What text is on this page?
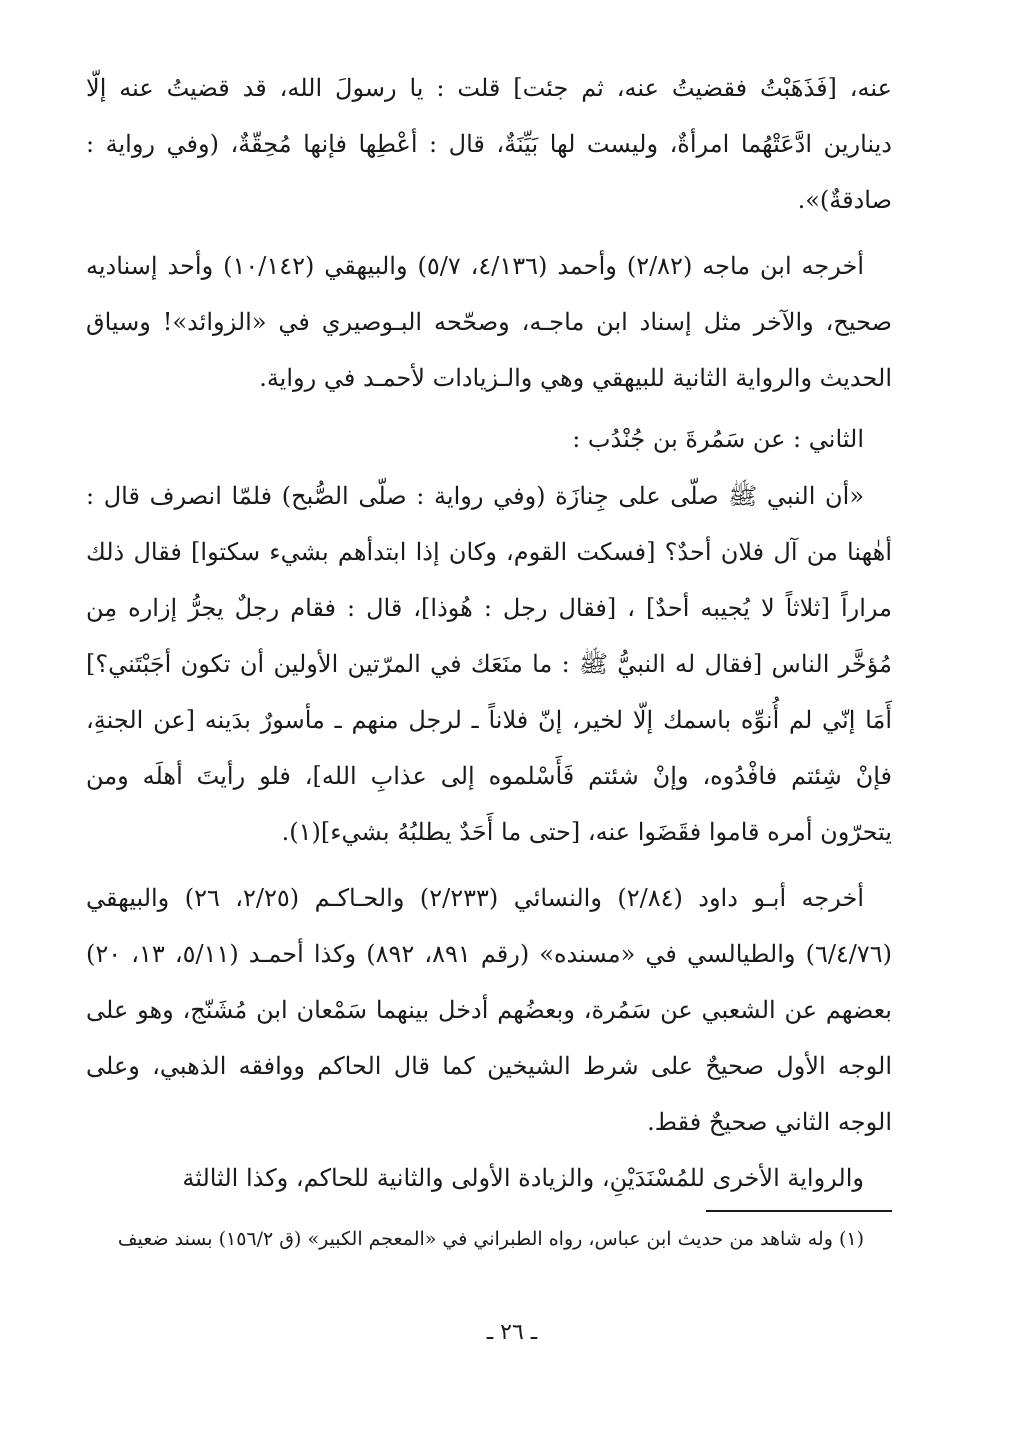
عنه، [فَذَهَبْتُ فقضيتُ عنه، ثم جئت] قلت : يا رسولَ الله، قد قضيتُ عنه إلّا دينارين ادَّعَتْهُما امرأةٌ، وليست لها بَيِّنَةٌ، قال : أعْطِها فإنها مُحِقّةٌ، (وفي رواية : صادقةٌ)».

أخرجه ابن ماجه (٢/٨٢) وأحمد (٤/١٣٦، ٥/٧) والبيهقي (١٠/١٤٢) وأحد إسناديه صحيح، والآخر مثل إسناد ابن ماجـه، وصحّحه البـوصيري في «الزوائد»! وسياق الحديث والرواية الثانية للبيهقي وهي والـزيادات لأحمـد في رواية.

الثاني : عن سَمُرةَ بن جُنْدُب :

«أن النبي ﷺ صلّى على جِنازَة (وفي رواية : صلّى الصُّبح) فلمّا انصرف قال : أهٰهنا من آل فلان أحدٌ؟ [فسكت القوم، وكان إذا ابتدأهم بشيء سكتوا] فقال ذلك مراراً [ثلاثاً لا يُجيبه أحدٌ] ، [فقال رجل : هُوذا]، قال : فقام رجلٌ يجرُّ إزاره مِن مُؤخَّر الناس [فقال له النبيُّ ﷺ : ما منَعَك في المرّتين الأولين أن تكون أجَبْتَني؟] أَمَا إنّي لم أُنوِّه باسمك إلّا لخير، إنّ فلاناً ـ لرجل منهم ـ مأسورٌ بدَينه [عن الجنةِ، فإنْ شِئتم فافْدُوه، وإنْ شئتم فَأَسْلموه إلى عذابِ الله]، فلو رأيتَ أهلَه ومن يتحرّون أمره قاموا فقَضَوا عنه، [حتى ما أَحَدٌ يطلبُهُ بشيء](١).

أخرجه أبـو داود (٢/٨٤) والنسائي (٢/٢٣٣) والحـاكـم (٢/٢٥، ٢٦) والبيهقي (٦/٤/٧٦) والطيالسي في «مسنده» (رقم ٨٩١، ٨٩٢) وكذا أحمـد (٥/١١، ١٣، ٢٠) بعضهم عن الشعبي عن سَمُرة، وبعضُهم أدخل بينهما سَمْعان ابن مُشَنّج، وهو على الوجه الأول صحيحٌ على شرط الشيخين كما قال الحاكم ووافقه الذهبي، وعلى الوجه الثاني صحيحٌ فقط.

والرواية الأخرى للمُسْنَدَيْنِ، والزيادة الأولى والثانية للحاكم، وكذا الثالثة

(١) وله شاهد من حديث ابن عباس، رواه الطبراني في «المعجم الكبير» (ق ١٥٦/٢) بسند ضعيف

ـ ٢٦ ـ
